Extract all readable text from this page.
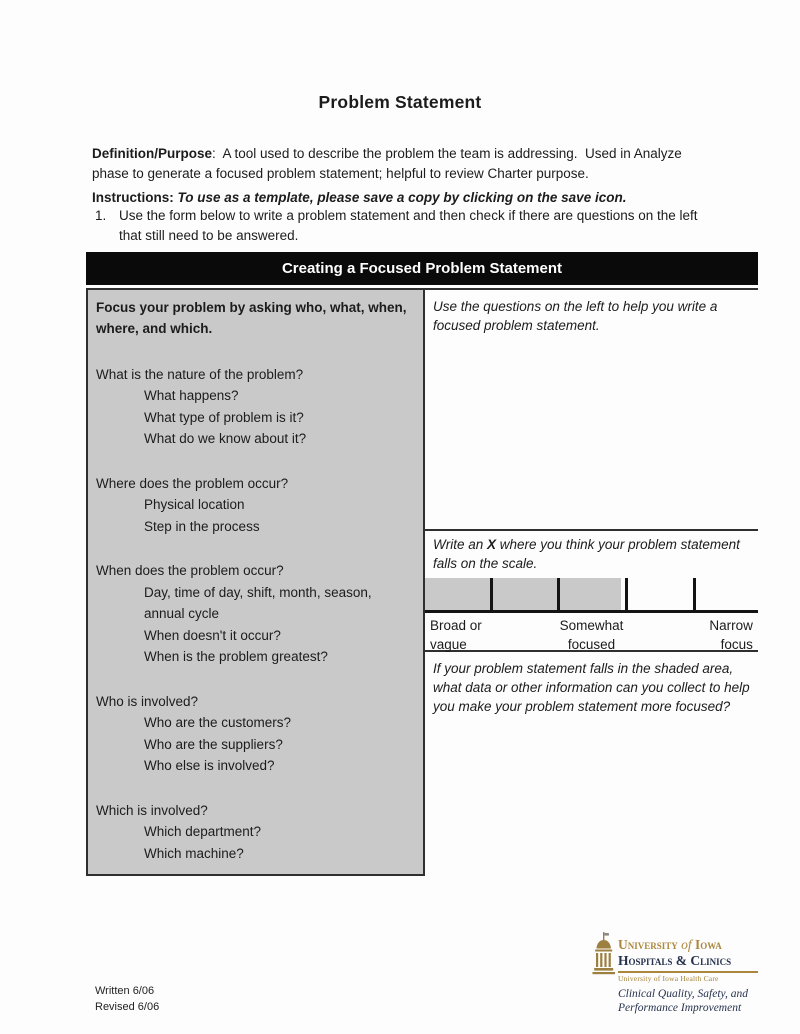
Problem Statement

Definition/Purpose:  A tool used to describe the problem the team is addressing.  Used in Analyze phase to generate a focused problem statement; helpful to review Charter purpose.

Instructions: To use as a template, please save a copy by clicking on the save icon.

1. Use the form below to write a problem statement and then check if there are questions on the left that still need to be answered.
Creating a Focused Problem Statement
Focus your problem by asking who, what, when, where, and which.
What is the nature of the problem?
What happens?
What type of problem is it?
What do we know about it?
Where does the problem occur?
Physical location
Step in the process
When does the problem occur?
Day, time of day, shift, month, season, annual cycle
When doesn't it occur?
When is the problem greatest?
Who is involved?
Who are the customers?
Who are the suppliers?
Who else is involved?
Which is involved?
Which department?
Which machine?

Use the questions on the left to help you write a focused problem statement.

Write an X where you think your problem statement falls on the scale.

Broad or
vague
Somewhat
focused
Narrow
focus

If your problem statement falls in the shaded area, what data or other information can you collect to help you make your problem statement more focused?

Written 6/06
Revised 6/06
University of Iowa
Hospitals & Clinics
University of Iowa Health Care
Clinical Quality, Safety, and Performance Improvement
